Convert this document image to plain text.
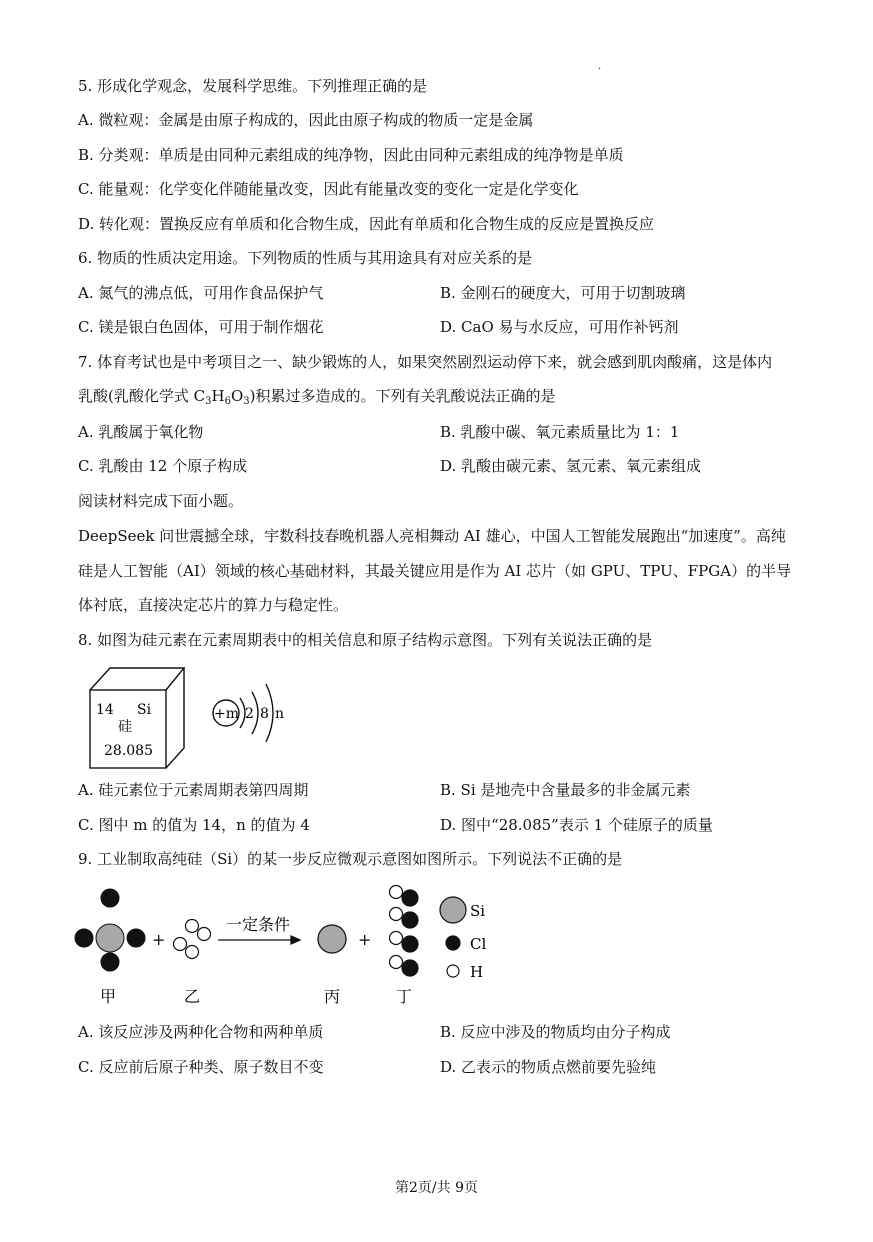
.
5. 形成化学观念，发展科学思维。下列推理正确的是
A. 微粒观：金属是由原子构成的，因此由原子构成的物质一定是金属
B. 分类观：单质是由同种元素组成的纯净物，因此由同种元素组成的纯净物是单质
C. 能量观：化学变化伴随能量改变，因此有能量改变的变化一定是化学变化
D. 转化观：置换反应有单质和化合物生成，因此有单质和化合物生成的反应是置换反应
6. 物质的性质决定用途。下列物质的性质与其用途具有对应关系的是
A. 氮气的沸点低，可用作食品保护气	B. 金刚石的硬度大，可用于切割玻璃
C. 镁是银白色固体，可用于制作烟花	D. CaO 易与水反应，可用作补钙剂
7. 体育考试也是中考项目之一、缺少锻炼的人，如果突然剧烈运动停下来，就会感到肌肉酸痛，这是体内
乳酸(乳酸化学式 $C_3H_6O_3$)积累过多造成的。下列有关乳酸说法正确的是
A. 乳酸属于氧化物	B. 乳酸中碳、氧元素质量比为 1：1
C. 乳酸由 12 个原子构成	D. 乳酸由碳元素、氢元素、氧元素组成
阅读材料完成下面小题。
DeepSeek 问世震撼全球，宇数科技春晚机器人亮相舞动 AI 雄心，中国人工智能发展跑出“加速度”。高纯
硅是人工智能（AI）领域的核心基础材料，其最关键应用是作为 AI 芯片（如 GPU、TPU、FPGA）的半导
体衬底，直接决定芯片的算力与稳定性。
8. 如图为硅元素在元素周期表中的相关信息和原子结构示意图。下列有关说法正确的是
14 Si
硅
28.085
+m 2 8 n
A. 硅元素位于元素周期表第四周期	B. Si 是地壳中含量最多的非金属元素
C. 图中 m 的值为 14，n 的值为 4	D. 图中“28.085”表示 1 个硅原子的质量
9. 工业制取高纯硅（Si）的某一步反应微观示意图如图所示。下列说法不正确的是
+
一定条件
+
Si
Cl
H
甲	乙	丙	丁
A. 该反应涉及两种化合物和两种单质	B. 反应中涉及的物质均由分子构成
C. 反应前后原子种类、原子数目不变	D. 乙表示的物质点燃前要先验纯
第2页/共 9页
